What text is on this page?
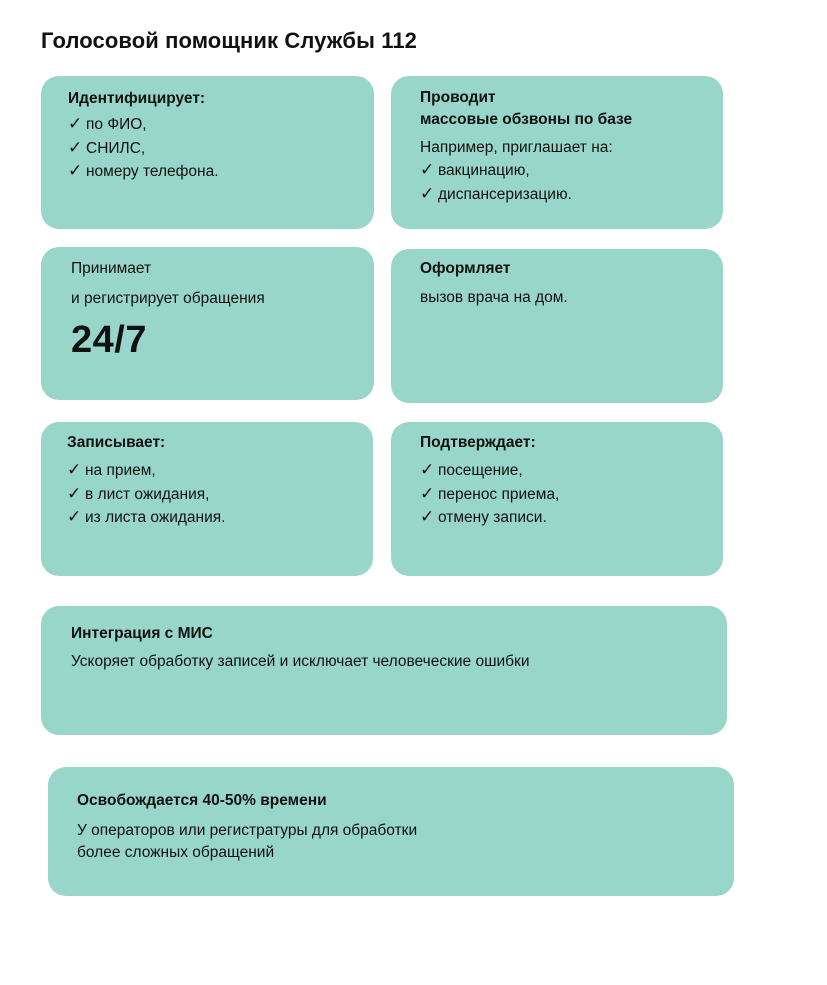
Голосовой помощник Службы 112

Идентифицирует:

✓ по ФИО,
✓ СНИЛС,
✓ номеру телефона.

Проводит

массовые обзвоны по базе

Например, приглашает на:

✓ вакцинацию,
✓ диспансеризацию.

Принимает

и регистрирует обращения

24/7

Оформляет

вызов врача на дом.

Записывает:

✓ на прием,
✓ в лист ожидания,
✓ из листа ожидания.

Подтверждает:

✓ посещение,
✓ перенос приема,
✓ отмену записи.

Интеграция с МИС

Ускоряет обработку записей и исключает человеческие ошибки

Освобождается 40-50% времени

У операторов или регистратуры для обработки

более сложных обращений
